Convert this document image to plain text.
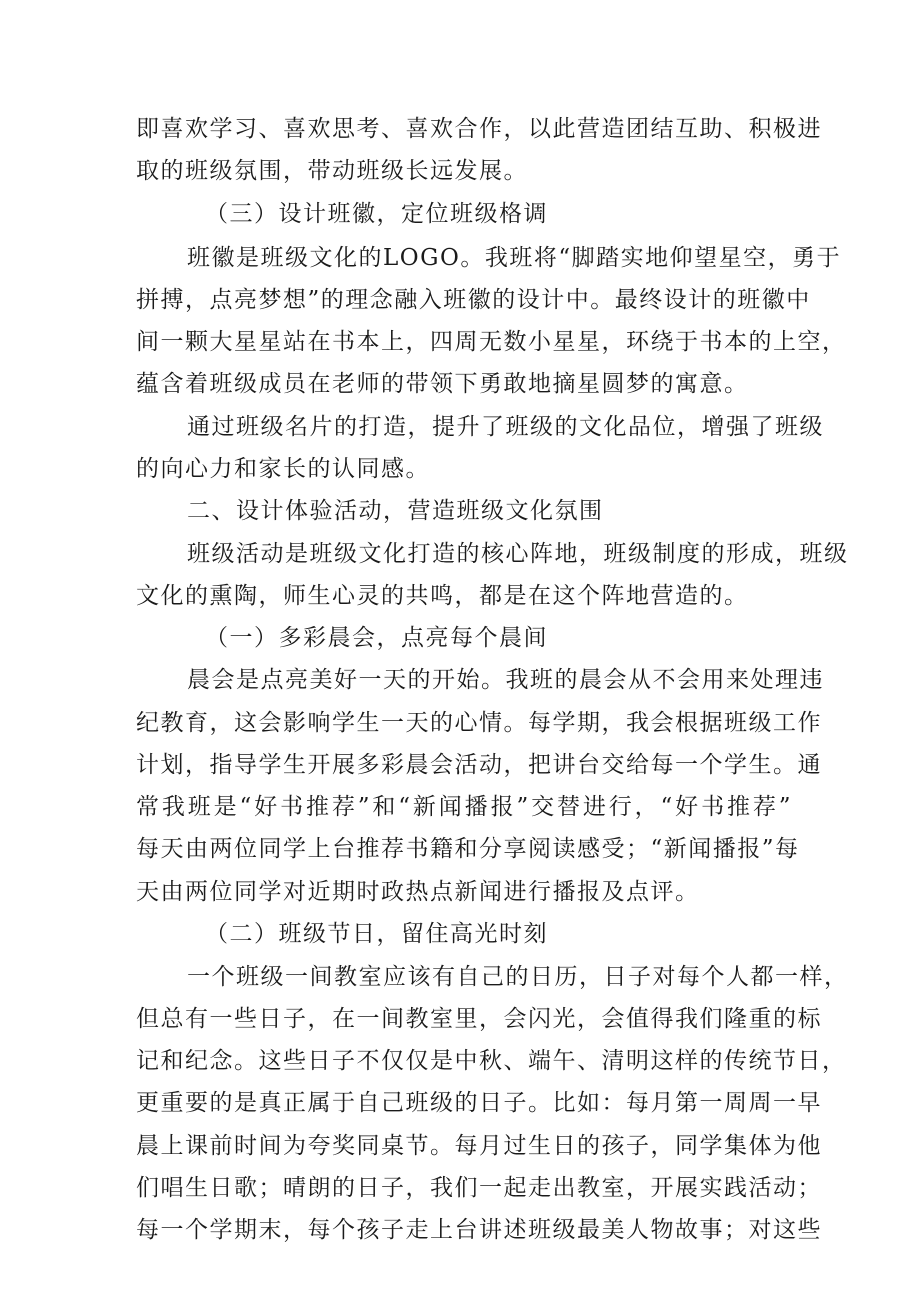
即喜欢学习、喜欢思考、喜欢合作，以此营造团结互助、积极进
取的班级氛围，带动班级长远发展。
（三）设计班徽，定位班级格调
班徽是班级文化的LOGO。我班将“脚踏实地仰望星空，勇于
拼搏，点亮梦想”的理念融入班徽的设计中。最终设计的班徽中
间一颗大星星站在书本上，四周无数小星星，环绕于书本的上空，
蕴含着班级成员在老师的带领下勇敢地摘星圆梦的寓意。
通过班级名片的打造，提升了班级的文化品位，增强了班级
的向心力和家长的认同感。
二、设计体验活动，营造班级文化氛围
班级活动是班级文化打造的核心阵地，班级制度的形成，班级
文化的熏陶，师生心灵的共鸣，都是在这个阵地营造的。
（一）多彩晨会，点亮每个晨间
晨会是点亮美好一天的开始。我班的晨会从不会用来处理违
纪教育，这会影响学生一天的心情。每学期，我会根据班级工作
计划，指导学生开展多彩晨会活动，把讲台交给每一个学生。通
常我班是“好书推荐”和“新闻播报”交替进行，“好书推荐”
每天由两位同学上台推荐书籍和分享阅读感受；“新闻播报”每
天由两位同学对近期时政热点新闻进行播报及点评。
（二）班级节日，留住高光时刻
一个班级一间教室应该有自己的日历，日子对每个人都一样，
但总有一些日子，在一间教室里，会闪光，会值得我们隆重的标
记和纪念。这些日子不仅仅是中秋、端午、清明这样的传统节日，
更重要的是真正属于自己班级的日子。比如：每月第一周周一早
晨上课前时间为夸奖同桌节。每月过生日的孩子，同学集体为他
们唱生日歌；晴朗的日子，我们一起走出教室，开展实践活动；
每一个学期末，每个孩子走上台讲述班级最美人物故事；对这些
